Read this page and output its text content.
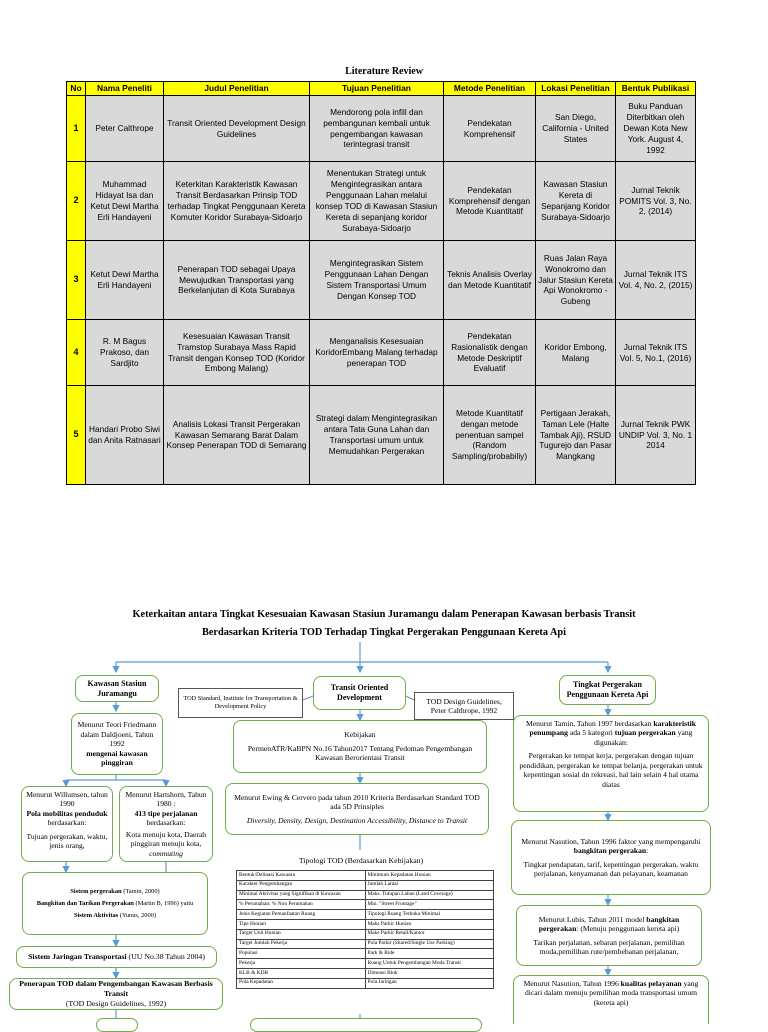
Literature Review
No	Nama Peneliti	Judul Penelitian	Tujuan Penelitian	Metode Penelitian	Lokasi Penelitian	Bentuk Publikasi
1	Peter Calthrope	Transit Oriented Development Design Guidelines	Mendorong pola infill dan pembangunan kembali untuk pengembangan kawasan terintegrasi transit	Pendekatan Komprehensif	San Diego, California - United States	Buku Panduan Diterbitkan oleh Dewan Kota New York. August 4, 1992
2	Muhammad Hidayat Isa dan Ketut Dewi Martha Erli Handayeni	Keterkitan Karakteristik Kawasan Transit Berdasarkan Prinsip TOD terhadap Tingkat Penggunaan Kereta Komuter Koridor Surabaya-Sidoarjo	Menentukan Strategi untuk Mengintegrasikan antara Penggunaan Lahan melalui konsep TOD di Kawasan Stasiun Kereta di sepanjang koridor Surabaya-Sidoarjo	Pendekatan Komprehensif dengan Metode Kuantitatif	Kawasan Stasiun Kereta di Sepanjang Koridor Surabaya-Sidoarjo	Jurnal Teknik POMITS Vol. 3, No. 2, (2014)
3	Ketut Dewi Martha Erli Handayeni	Penerapan TOD sebagai Upaya Mewujudkan Transportasi yang Berkelanjutan di Kota Surabaya	Mengintegrasikan Sistem Penggunaan Lahan Dengan Sistem Transportasi Umum Dengan Konsep TOD	Teknis Analisis Overlay dan Metode Kuantitatif	Ruas Jalan Raya Wonokromo dan Jalur Stasiun Kereta Api Wonokromo - Gubeng	Jurnal Teknik ITS Vol. 4, No. 2, (2015)
4	R. M Bagus Prakoso, dan Sardjito	Kesesuaian Kawasan Transit Tramstop Surabaya Mass Rapid Transit dengan Konsep TOD (Koridor Embong Malang)	Menganalisis Kesesuaian KoridorEmbang Malang terhadap penerapan TOD	Pendekatan Rasionalistik dengan Metode Deskriptif Evaluatif	Koridor Embong, Malang	Jurnal Teknik ITS Vol. 5, No.1, (2016)
5	Handari Probo Siwi dan Anita Ratnasari	Analisis Lokasi Transit Pergerakan Kawasan Semarang Barat Dalam Konsep Penerapan TOD di Semarang	Strategi dalam Mengintegrasikan antara Tata Guna Lahan dan Transportasi umum untuk Memudahkan Pergerakan	Metode Kuantitatif dengan metode penentuan sampel (Random Sampling/probabiliy)	Pertigaan Jerakah, Taman Lele (Halte Tambak Aji), RSUD Tugurejo dan Pasar Mangkang	Jurnal Teknik PWK UNDIP Vol. 3, No. 1 2014
Keterkaitan antara Tingkat Kesesuaian Kawasan Stasiun Juramangu dalam Penerapan Kawasan berbasis Transit
Berdasarkan Kriteria TOD Terhadap Tingkat Pergerakan Penggunaan Kereta Api
Kawasan Stasiun Juramangu
Menurut Teori Friedmann dalam Daldjoeni, Tahun 1992
mengenai kawasan pinggiran
Menurut Willumsen, tahun 1990
Pola mobilitas penduduk
berdasarkan:
Tujuan pergerakan, waktu, jenis orang,
Menurut Hartshorn, Tahun 1980 :
413 tipe perjalanan
berdasarkan:
Kota menuju kota, Daerah pinggiran menuju kota,
commuting
Sistem pergerakan (Tamin, 2000)
Bangkitan dan Tarikan Pergerakan (Martin B, 1996) yaitu
Sistem Aktivitas (Yunus, 2000)
Sistem Jaringan Transportasi (UU No.38 Tahun 2004)
Penerapan TOD dalam Pengembangan Kawasan Berbasis Transit
(TOD Design Guidelines, 1992)
TOD Standard, Institute for Transportation & Development Policy
Transit Oriented Development	TOD Design Guidelines, Peter Calthrope, 1992
Kebijakan
PermenATR/KaBPN No.16 Tahun2017 Tentang Pedoman Pengembangan Kawasan Berorientasi Transit
Menurut Ewing & Cervero pada tahun 2010 Kriteria Berdasarkan Standard TOD ada 5D Prinsiples
Diversity, Density, Design, Destination Accessibility, Distance to Transit
Tipologi TOD (Berdasarkan Kebijakan)
Bentuk/Delinasi Kawasan	Minimum Kepadatan Hunian
Karakter Pengembangan	Jumlah Lantai
Minimal Aktivitas yang Signifikan di Kawasan	Maks. Tutupan Lahan (Land Coverage)
% Perumahan: % Non Perumahan	Min. "Street Frontage"
Jenis Kegiatan Pemanfaatan Ruang	Tipologi Ruang Terbuka Minimal
Tipe Hunian	Maks Parkir Hunian
Target Unit Hunian	Maks Parkir Retail/Kantor
Target Jumlah Pekerja	Pola Parkir (Shared/Single Use Parking)
Populasi	Park & Ride
Pekerja	Ruang Untuk Pengembangan Moda Transit
KLB & KDB	Dimensi Blok
Pola Kepadatan	Pola Jaringan
Tingkat Pergerakan Penggunaan Kereta Api
Menurut Tamin, Tahun 1997 berdasarkan karakteristik penumpang ada 5 kategori tujuan pergerakan yang digunakan:
Pergerakan ke tempat kerja, pergerakan dengan tujuan pendidikan, pergerakan ke tempat belanja, pergerakan untuk kepentingan sosial dn rekreasi, hal lain selain 4 hal utama diatas
Menurut Nasution, Tahun 1996 faktor yang mempengaruhi bangkitan pergerakan:
Tingkat pendapatan, tarif, kepentingan pergerakan, waktu perjalanan, kenyamanan dan pelayanan, keamanan
Menurut Lubis, Tahun 2011 model bangkitan pergerakan: (Menuju penggunaan kereta api)
Tarikan perjalanan, sebaran perjalanan, pemilihan moda,pemilihan rute/pembebanan perjalanan,
Menurut Nasution, Tahun 1996 kualitas pelayanan yang dicari dalam menuju pemilihan moda transportasi umum (kereta api)
